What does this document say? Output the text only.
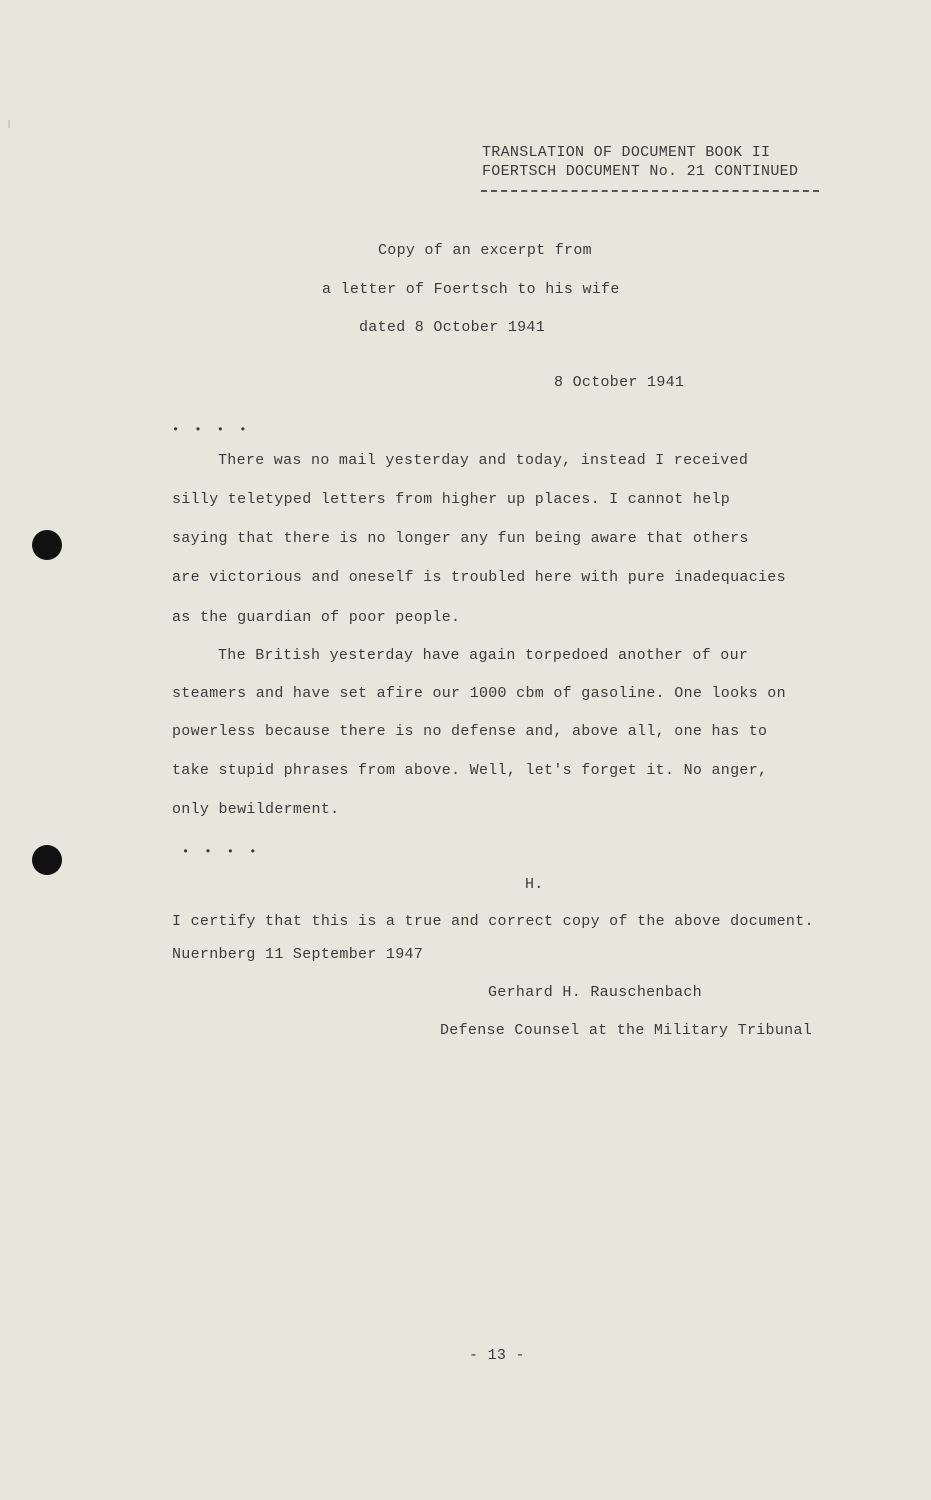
TRANSLATION OF DOCUMENT BOOK II
FOERTSCH DOCUMENT No. 21 CONTINUED
Copy of an excerpt from
a letter of Foertsch to his wife
dated 8 October 1941
8 October 1941
• • • •
There was no mail yesterday and today, instead I received
silly teletyped letters from higher up places. I cannot help
saying that there is no longer any fun being aware that others
are victorious and oneself is troubled here with pure inadequacies
as the guardian of poor people.
The British yesterday have again torpedoed another of our
steamers and have set afire our 1000 cbm of gasoline. One looks on
powerless because there is no defense and, above all, one has to
take stupid phrases from above. Well, let's forget it. No anger,
only bewilderment.
• • • •
H.
I certify that this is a true and correct copy of the above document.
Nuernberg 11 September 1947
Gerhard H. Rauschenbach
Defense Counsel at the Military Tribunal
- 13 -
